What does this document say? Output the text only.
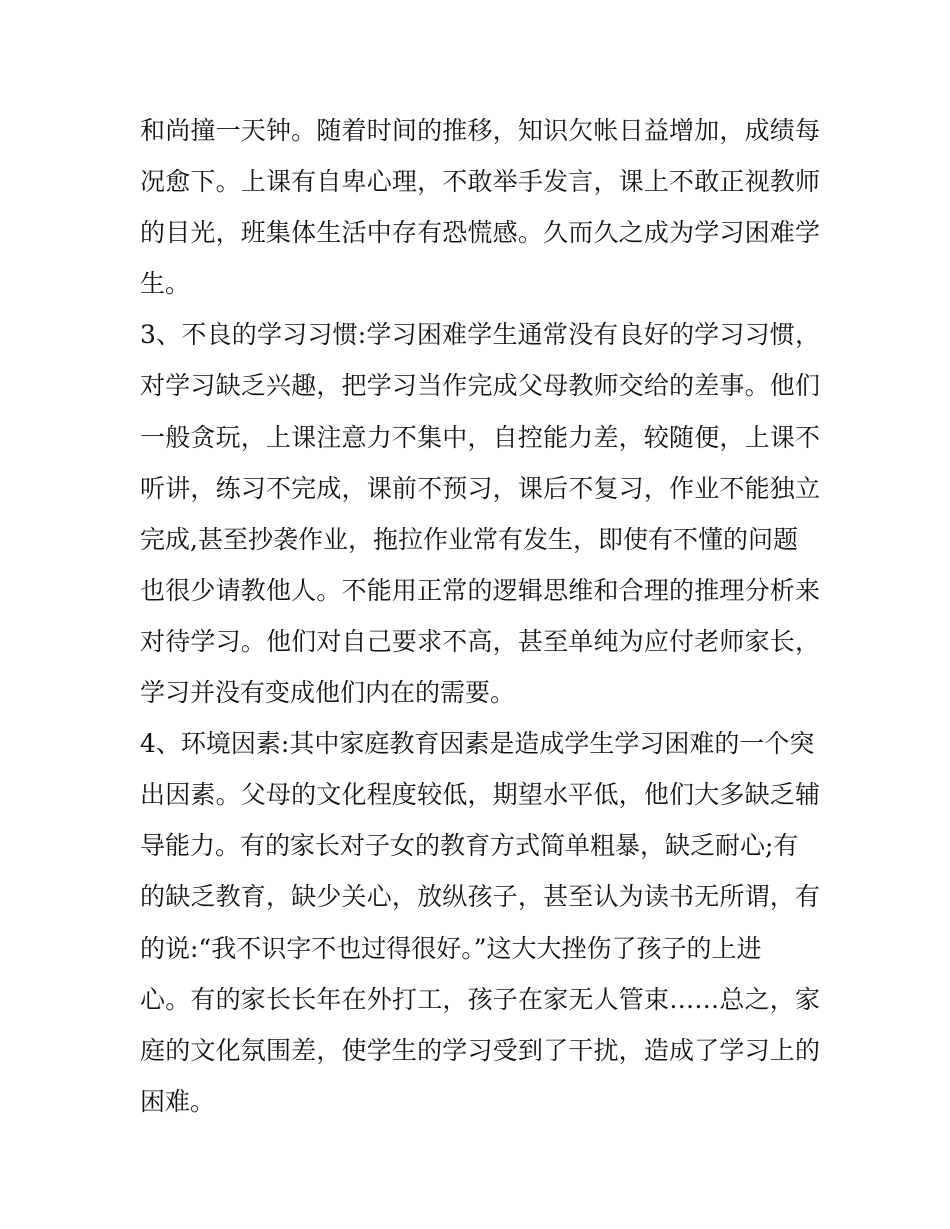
和尚撞一天钟。随着时间的推移，知识欠帐日益增加，成绩每
况愈下。上课有自卑心理，不敢举手发言，课上不敢正视教师
的目光，班集体生活中存有恐慌感。久而久之成为学习困难学
生。
3、不良的学习习惯:学习困难学生通常没有良好的学习习惯，
对学习缺乏兴趣，把学习当作完成父母教师交给的差事。他们
一般贪玩，上课注意力不集中，自控能力差，较随便，上课不
听讲，练习不完成，课前不预习，课后不复习，作业不能独立
完成,甚至抄袭作业，拖拉作业常有发生，即使有不懂的问题
也很少请教他人。不能用正常的逻辑思维和合理的推理分析来
对待学习。他们对自己要求不高，甚至单纯为应付老师家长，
学习并没有变成他们内在的需要。
4、环境因素:其中家庭教育因素是造成学生学习困难的一个突
出因素。父母的文化程度较低，期望水平低，他们大多缺乏辅
导能力。有的家长对子女的教育方式简单粗暴，缺乏耐心;有
的缺乏教育，缺少关心，放纵孩子，甚至认为读书无所谓，有
的说:“我不识字不也过得很好。”这大大挫伤了孩子的上进
心。有的家长长年在外打工，孩子在家无人管束……总之，家
庭的文化氛围差，使学生的学习受到了干扰，造成了学习上的
困难。
